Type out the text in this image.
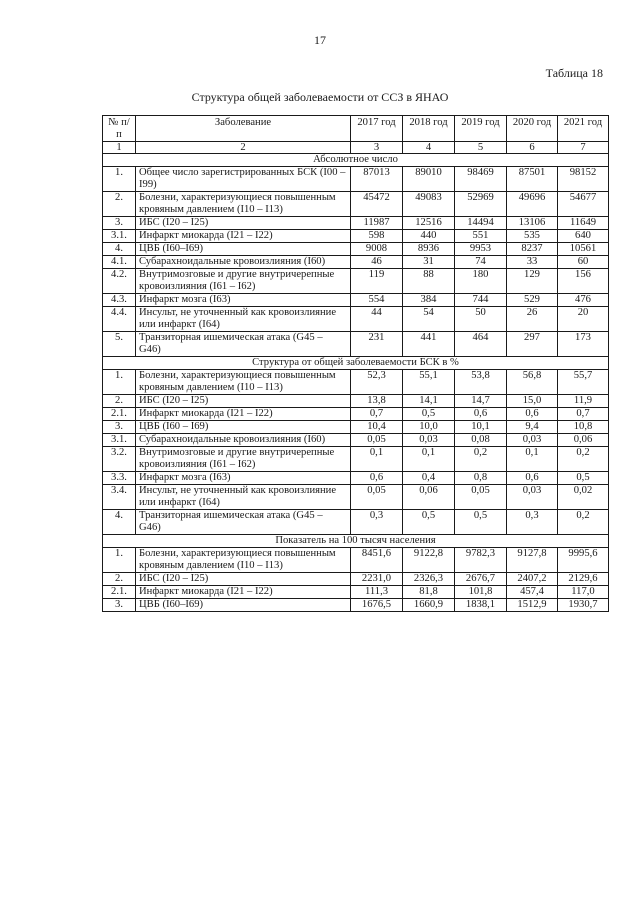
17
Таблица 18
Структура общей заболеваемости от ССЗ в ЯНАО
№ п/п	Заболевание	2017 год	2018 год	2019 год	2020 год	2021 год
1	2	3	4	5	6	7
Абсолютное число						
1.	Общее число зарегистрированных БСК (I00 – I99)	87013	89010	98469	87501	98152
2.	Болезни, характеризующиеся повышенным кровяным давлением (I10 – I13)	45472	49083	52969	49696	54677
3.	ИБС (I20 – I25)	11987	12516	14494	13106	11649
3.1.	Инфаркт миокарда (I21 – I22)	598	440	551	535	640
4.	ЦВБ (I60–I69)	9008	8936	9953	8237	10561
4.1.	Субарахноидальные кровоизлияния (I60)	46	31	74	33	60
4.2.	Внутримозговые и другие внутричерепные кровоизлияния (I61 – I62)	119	88	180	129	156
4.3.	Инфаркт мозга (I63)	554	384	744	529	476
4.4.	Инсульт, не уточненный как кровоизлияние или инфаркт (I64)	44	54	50	26	20
5.	Транзиторная ишемическая атака (G45 – G46)	231	441	464	297	173
Структура от общей заболеваемости БСК в %						
1.	Болезни, характеризующиеся повышенным кровяным давлением (I10 – I13)	52,3	55,1	53,8	56,8	55,7
2.	ИБС (I20 – I25)	13,8	14,1	14,7	15,0	11,9
2.1.	Инфаркт миокарда (I21 – I22)	0,7	0,5	0,6	0,6	0,7
3.	ЦВБ (I60 – I69)	10,4	10,0	10,1	9,4	10,8
3.1.	Субарахноидальные кровоизлияния (I60)	0,05	0,03	0,08	0,03	0,06
3.2.	Внутримозговые и другие внутричерепные кровоизлияния (I61 – I62)	0,1	0,1	0,2	0,1	0,2
3.3.	Инфаркт мозга (I63)	0,6	0,4	0,8	0,6	0,5
3.4.	Инсульт, не уточненный как кровоизлияние или инфаркт (I64)	0,05	0,06	0,05	0,03	0,02
4.	Транзиторная ишемическая атака (G45 – G46)	0,3	0,5	0,5	0,3	0,2
Показатель на 100 тысяч населения						
1.	Болезни, характеризующиеся повышенным кровяным давлением (I10 – I13)	8451,6	9122,8	9782,3	9127,8	9995,6
2.	ИБС (I20 – I25)	2231,0	2326,3	2676,7	2407,2	2129,6
2.1.	Инфаркт миокарда (I21 – I22)	111,3	81,8	101,8	457,4	117,0
3.	ЦВБ (I60–I69)	1676,5	1660,9	1838,1	1512,9	1930,7
